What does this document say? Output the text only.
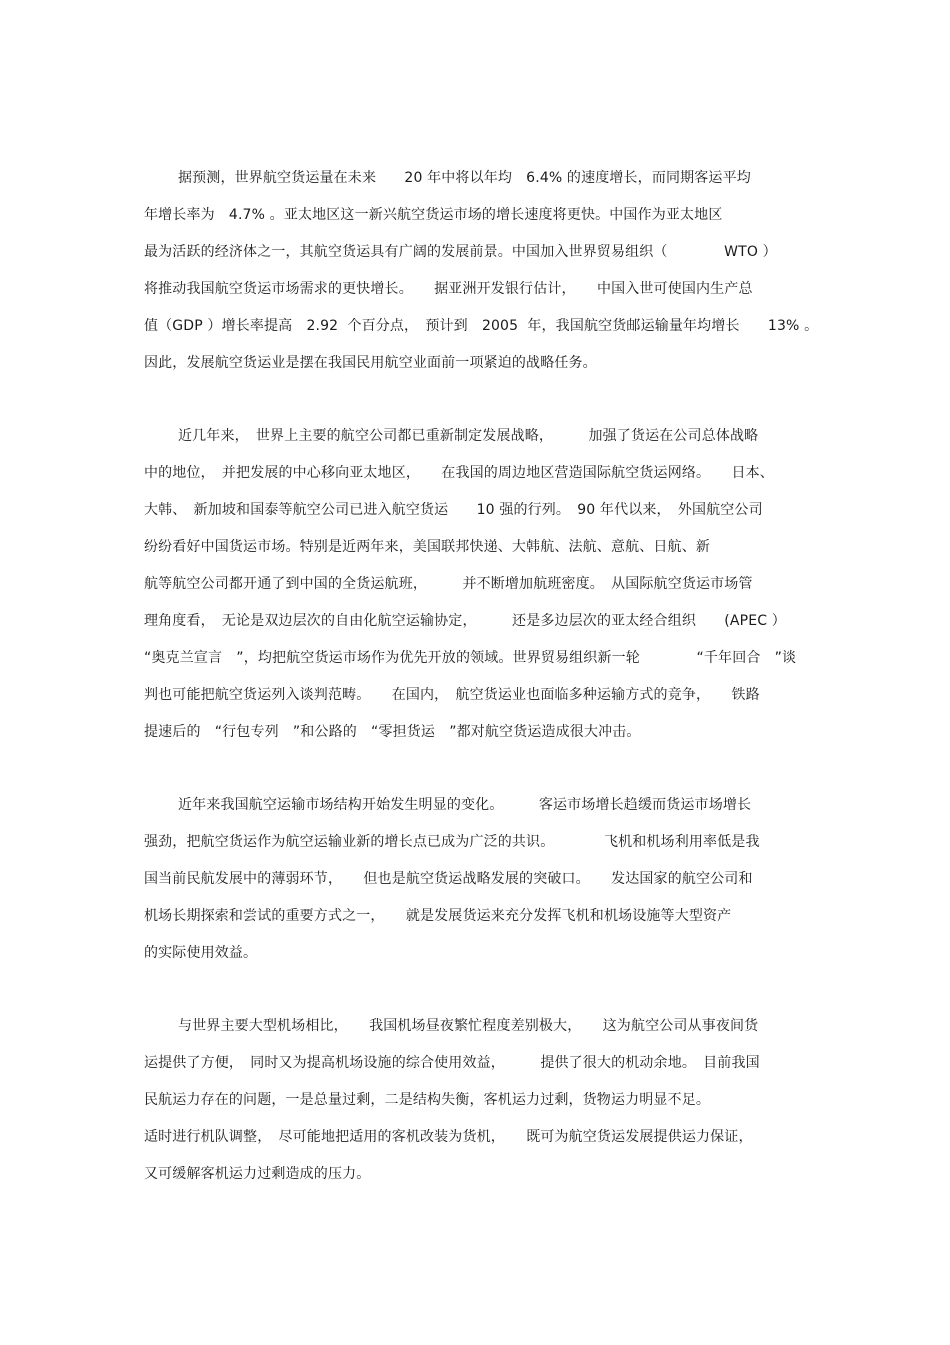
据预测，世界航空货运量在未来　　20 年中将以年均　6.4% 的速度增长，而同期客运平均
年增长率为　4.7% 。亚太地区这一新兴航空货运市场的增长速度将更快。中国作为亚太地区
最为活跃的经济体之一，其航空货运具有广阔的发展前景。中国加入世界贸易组织（　　　　WTO ）
将推动我国航空货运市场需求的更快增长。　　据亚洲开发银行估计，　　中国入世可使国内生产总
值（GDP ）增长率提高　2.92  个百分点，　预计到　2005  年，我国航空货邮运输量年均增长　　13% 。
因此，发展航空货运业是摆在我国民用航空业面前一项紧迫的战略任务。
近几年来，　世界上主要的航空公司都已重新制定发展战略，　　　加强了货运在公司总体战略
中的地位，　并把发展的中心移向亚太地区，　　在我国的周边地区营造国际航空货运网络。　　日本、
大韩、　新加坡和国泰等航空公司已进入航空货运　　10 强的行列。　90 年代以来，　外国航空公司
纷纷看好中国货运市场。特别是近两年来，美国联邦快递、大韩航、法航、意航、日航、新
航等航空公司都开通了到中国的全货运航班，　　　并不断增加航班密度。　从国际航空货运市场管
理角度看，　无论是双边层次的自由化航空运输协定，　　　还是多边层次的亚太经合组织　　(APEC ）
“奥克兰宣言　”，均把航空货运市场作为优先开放的领域。世界贸易组织新一轮　　　　“千年回合　”谈
判也可能把航空货运列入谈判范畴。　　在国内，　航空货运业也面临多种运输方式的竞争，　　铁路
提速后的　“行包专列　”和公路的　“零担货运　”都对航空货运造成很大冲击。
近年来我国航空运输市场结构开始发生明显的变化。　　　客运市场增长趋缓而货运市场增长
强劲，把航空货运作为航空运输业新的增长点已成为广泛的共识。　　　　飞机和机场利用率低是我
国当前民航发展中的薄弱环节，　　但也是航空货运战略发展的突破口。　　发达国家的航空公司和
机场长期探索和尝试的重要方式之一，　　就是发展货运来充分发挥飞机和机场设施等大型资产
的实际使用效益。
与世界主要大型机场相比，　　我国机场昼夜繁忙程度差别极大，　　这为航空公司从事夜间货
运提供了方便，　同时又为提高机场设施的综合使用效益，　　　提供了很大的机动余地。　目前我国
民航运力存在的问题，一是总量过剩，二是结构失衡，客机运力过剩，货物运力明显不足。
适时进行机队调整，　尽可能地把适用的客机改装为货机，　　既可为航空货运发展提供运力保证，
又可缓解客机运力过剩造成的压力。
